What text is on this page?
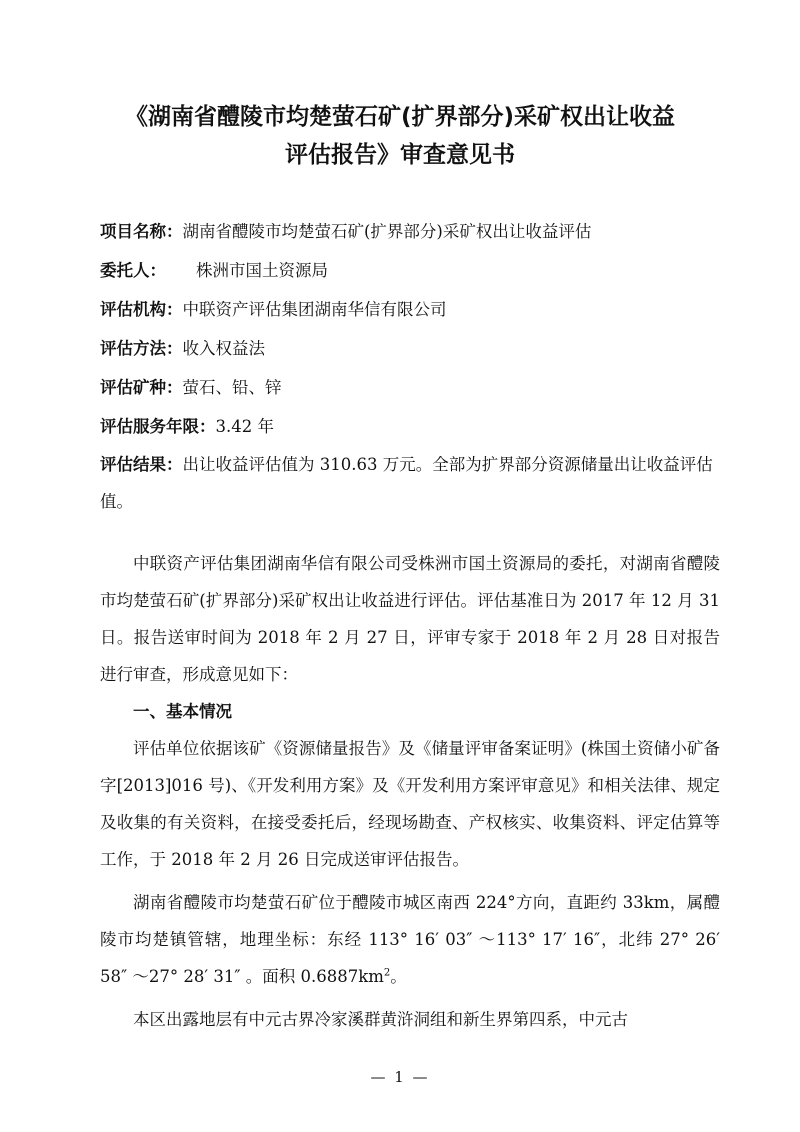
《湖南省醴陵市均楚萤石矿(扩界部分)采矿权出让收益
评估报告》审查意见书
项目名称：湖南省醴陵市均楚萤石矿(扩界部分)采矿权出让收益评估
委托人： 株洲市国土资源局
评估机构：中联资产评估集团湖南华信有限公司
评估方法：收入权益法
评估矿种：萤石、铅、锌
评估服务年限：3.42 年
评估结果：出让收益评估值为 310.63 万元。全部为扩界部分资源储量出让收益评估值。

中联资产评估集团湖南华信有限公司受株洲市国土资源局的委托，对湖南省醴陵市均楚萤石矿(扩界部分)采矿权出让收益进行评估。评估基准日为 2017 年 12 月 31 日。报告送审时间为 2018 年 2 月 27 日，评审专家于 2018 年 2 月 28 日对报告进行审查，形成意见如下：

一、基本情况

评估单位依据该矿《资源储量报告》及《储量评审备案证明》(株国土资储小矿备字[2013]016 号)、《开发利用方案》及《开发利用方案评审意见》和相关法律、规定及收集的有关资料，在接受委托后，经现场勘查、产权核实、收集资料、评定估算等工作，于 2018 年 2 月 26 日完成送审评估报告。

湖南省醴陵市均楚萤石矿位于醴陵市城区南西 224°方向，直距约 33km，属醴陵市均楚镇管辖，地理坐标：东经 113° 16′ 03″ ～113° 17′ 16″，北纬 27° 26′ 58″ ～27° 28′ 31″ 。面积 $0.6887km^2$。

本区出露地层有中元古界冷家溪群黄浒洞组和新生界第四系，中元古

— 1 —
